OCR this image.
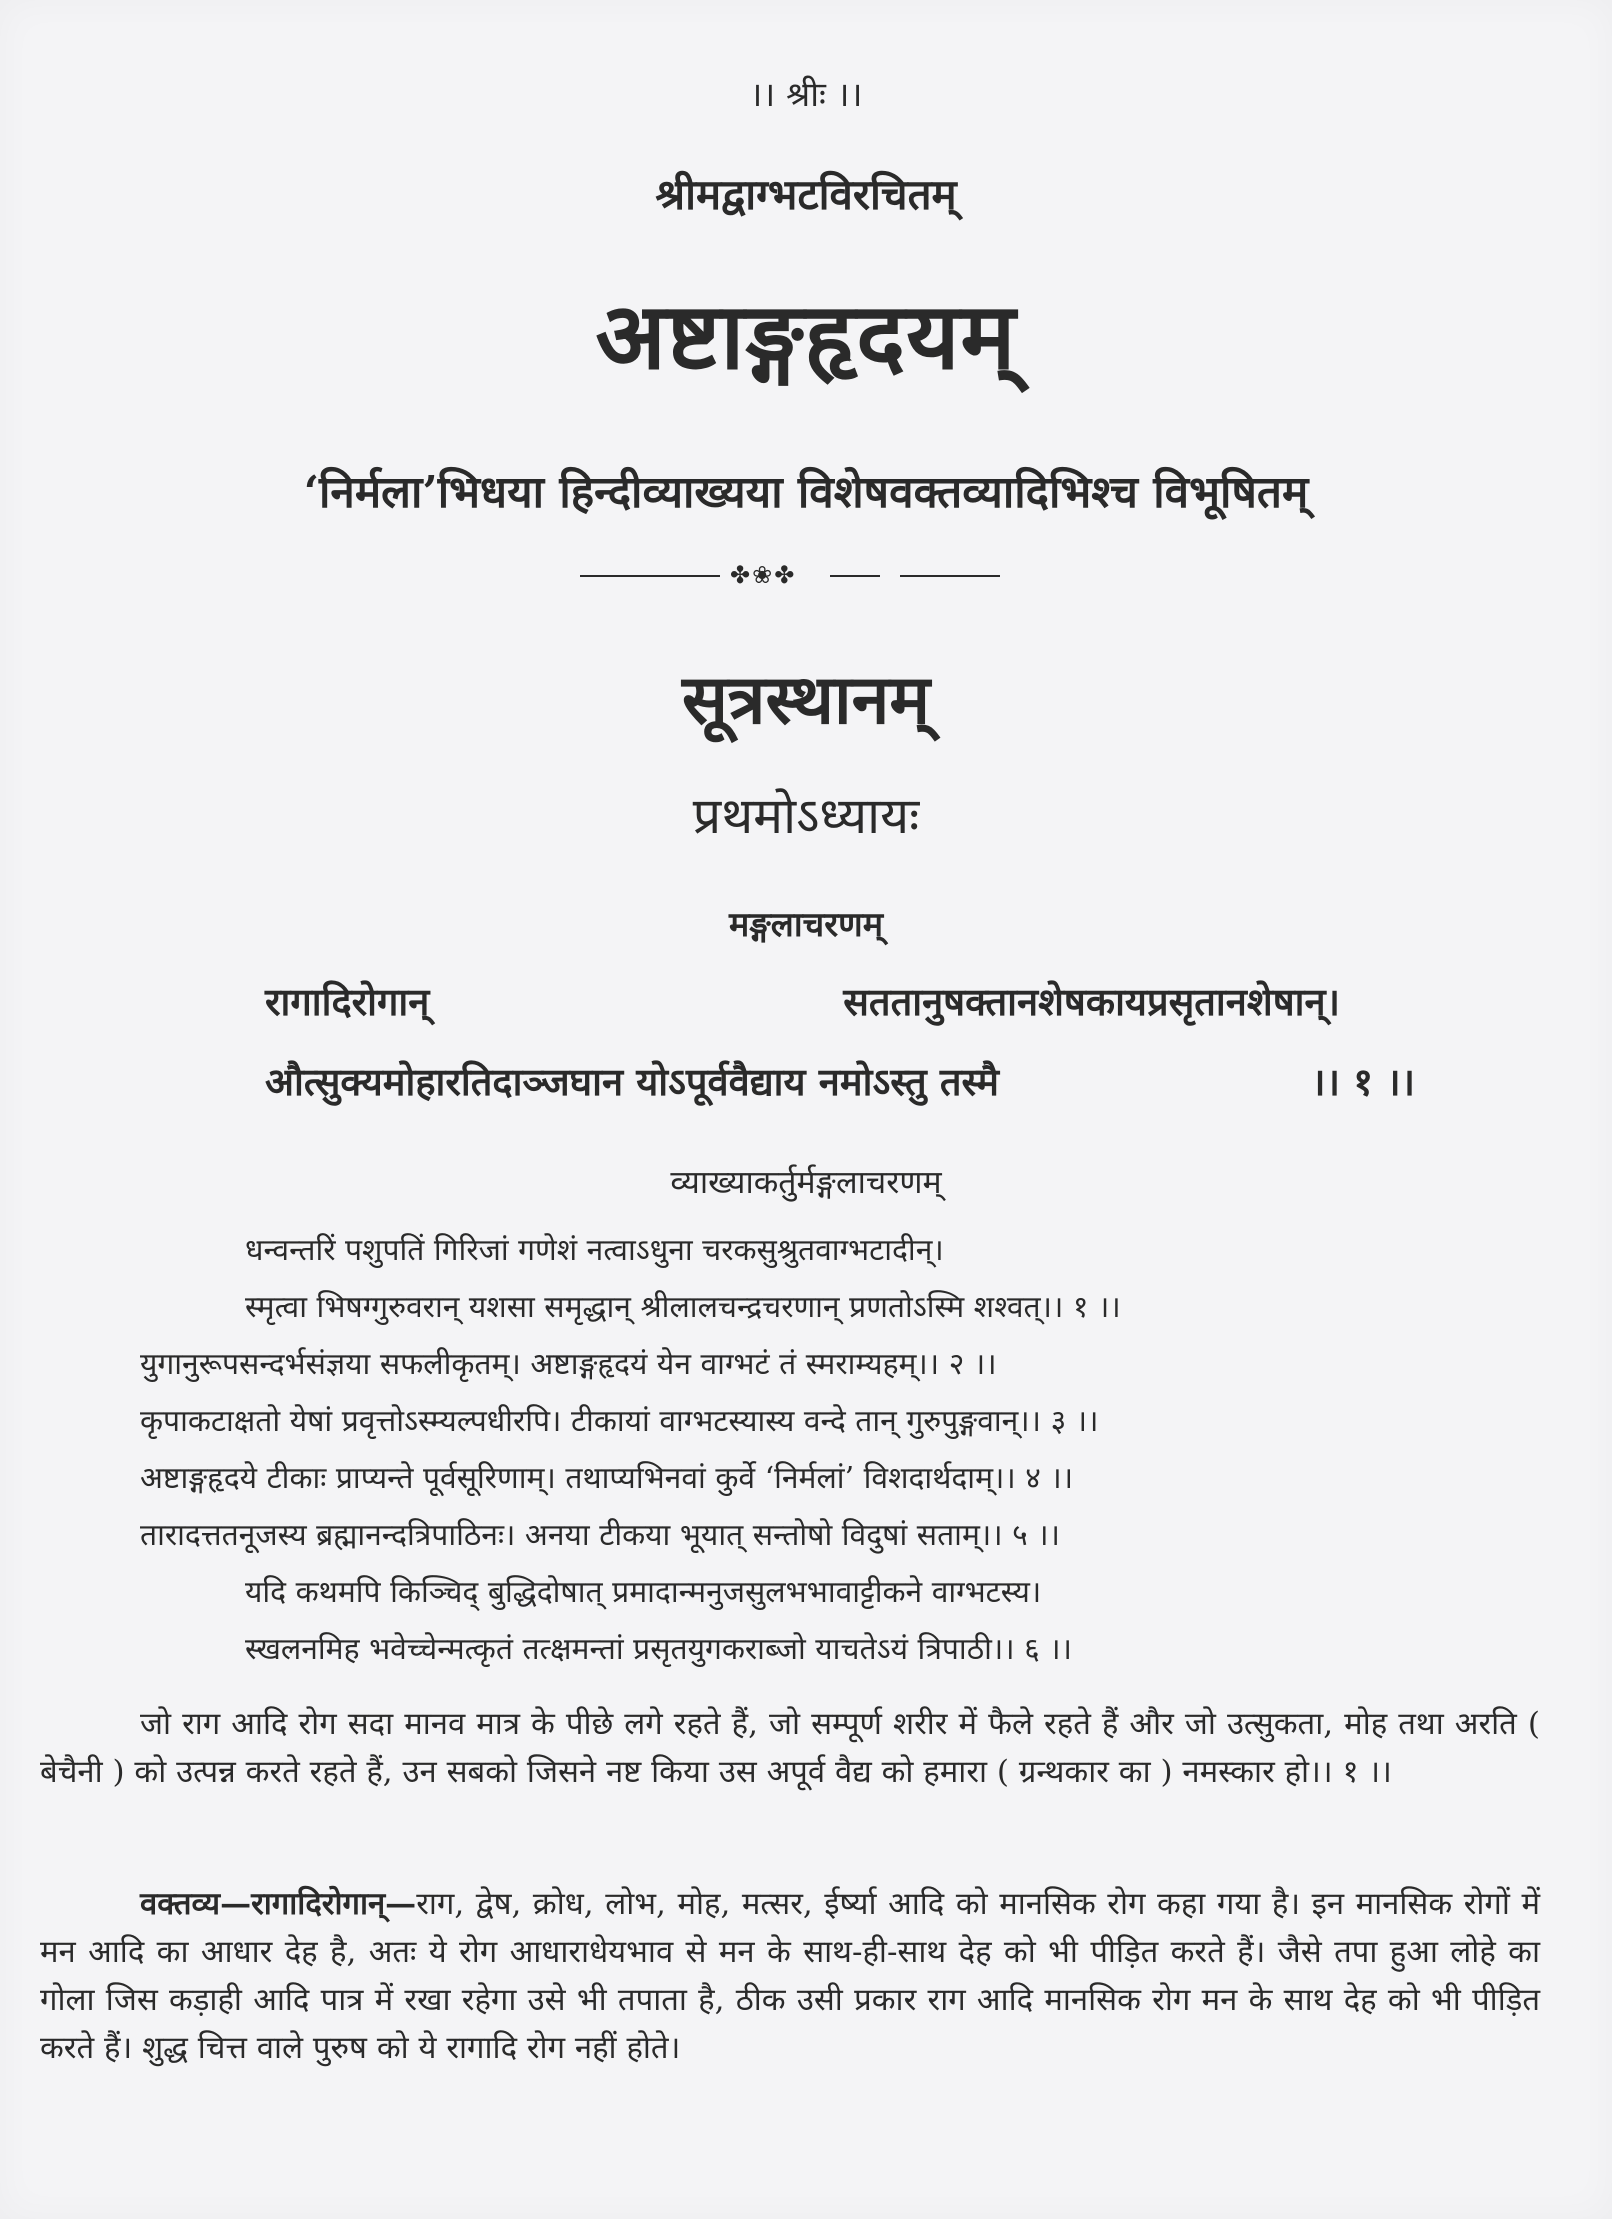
।। श्रीः ।।
श्रीमद्वाग्भटविरचितम्
अष्टाङ्गहृदयम्
‘निर्मला’भिधया हिन्दीव्याख्यया विशेषवक्तव्यादिभिश्च विभूषितम्
✤❀✤
सूत्रस्थानम्
प्रथमोऽध्यायः
मङ्गलाचरणम्
रागादिरोगान्	सततानुषक्तानशेषकायप्रसृतानशेषान्।
औत्सुक्यमोहारतिदाञ्जघान योऽपूर्ववैद्याय नमोऽस्तु तस्मै	।। १ ।।
व्याख्याकर्तुर्मङ्गलाचरणम्
धन्वन्तरिं पशुपतिं गिरिजां गणेशं नत्वाऽधुना चरकसुश्रुतवाग्भटादीन्।
स्मृत्वा भिषग्गुरुवरान् यशसा समृद्धान् श्रीलालचन्द्रचरणान् प्रणतोऽस्मि शश्वत्।। १ ।।
युगानुरूपसन्दर्भसंज्ञया सफलीकृतम्। अष्टाङ्गहृदयं येन वाग्भटं तं स्मराम्यहम्।। २ ।।
कृपाकटाक्षतो येषां प्रवृत्तोऽस्म्यल्पधीरपि। टीकायां वाग्भटस्यास्य वन्दे तान् गुरुपुङ्गवान्।। ३ ।।
अष्टाङ्गहृदये टीकाः प्राप्यन्ते पूर्वसूरिणाम्। तथाप्यभिनवां कुर्वे ‘निर्मलां’ विशदार्थदाम्।। ४ ।।
तारादत्ततनूजस्य ब्रह्मानन्दत्रिपाठिनः। अनया टीकया भूयात् सन्तोषो विदुषां सताम्।। ५ ।।
यदि कथमपि किञ्चिद् बुद्धिदोषात् प्रमादान्मनुजसुलभभावाट्टीकने वाग्भटस्य।
स्खलनमिह भवेच्चेन्मत्कृतं तत्क्षमन्तां प्रसृतयुगकराब्जो याचतेऽयं त्रिपाठी।। ६ ।।

जो राग आदि रोग सदा मानव मात्र के पीछे लगे रहते हैं, जो सम्पूर्ण शरीर में फैले रहते हैं और जो उत्सुकता, मोह तथा अरति ( बेचैनी ) को उत्पन्न करते रहते हैं, उन सबको जिसने नष्ट किया उस अपूर्व वैद्य को हमारा ( ग्रन्थकार का ) नमस्कार हो।। १ ।।

वक्तव्य—रागादिरोगान्—राग, द्वेष, क्रोध, लोभ, मोह, मत्सर, ईर्ष्या आदि को मानसिक रोग कहा गया है। इन मानसिक रोगों में मन आदि का आधार देह है, अतः ये रोग आधाराधेयभाव से मन के साथ-ही-साथ देह को भी पीड़ित करते हैं। जैसे तपा हुआ लोहे का गोला जिस कड़ाही आदि पात्र में रखा रहेगा उसे भी तपाता है, ठीक उसी प्रकार राग आदि मानसिक रोग मन के साथ देह को भी पीड़ित करते हैं। शुद्ध चित्त वाले पुरुष को ये रागादि रोग नहीं होते।
